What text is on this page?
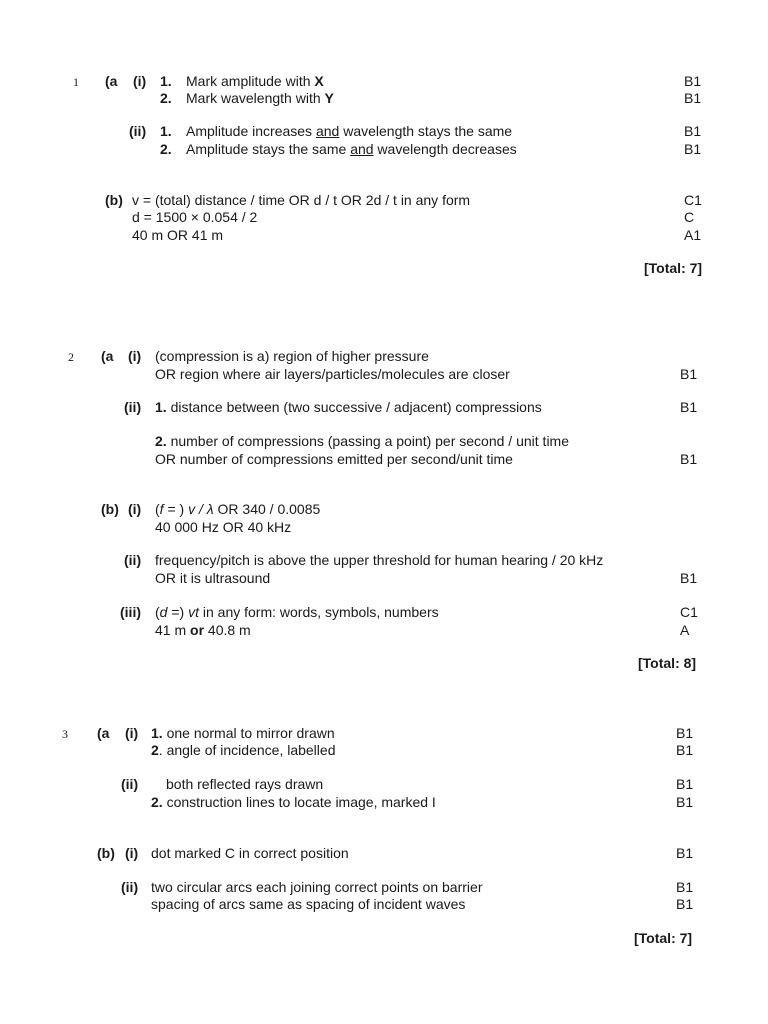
1 (a (i) 1. Mark amplitude with X	B1
2. Mark wavelength with Y	B1
(ii) 1. Amplitude increases and wavelength stays the same	B1
2. Amplitude stays the same and wavelength decreases	B1
(b) v = (total) distance / time OR d / t OR 2d / t in any form	C1
d = 1500 × 0.054 / 2	C
40 m OR 41 m	A1
[Total: 7]
2 (a (i) (compression is a) region of higher pressure
OR region where air layers/particles/molecules are closer	B1
(ii) 1. distance between (two successive / adjacent) compressions	B1
2. number of compressions (passing a point) per second / unit time
OR number of compressions emitted per second/unit time	B1
(b) (i) (f = ) v / λ OR 340 / 0.0085
40 000 Hz OR 40 kHz
(ii) frequency/pitch is above the upper threshold for human hearing / 20 kHz
OR it is ultrasound	B1
(iii) (d =) vt in any form: words, symbols, numbers	C1
41 m or 40.8 m	A
[Total: 8]
3 (a (i) 1. one normal to mirror drawn	B1
2. angle of incidence, labelled	B1
(ii) both reflected rays drawn	B1
2. construction lines to locate image, marked I	B1
(b) (i) dot marked C in correct position	B1
(ii) two circular arcs each joining correct points on barrier	B1
spacing of arcs same as spacing of incident waves	B1
[Total: 7]
